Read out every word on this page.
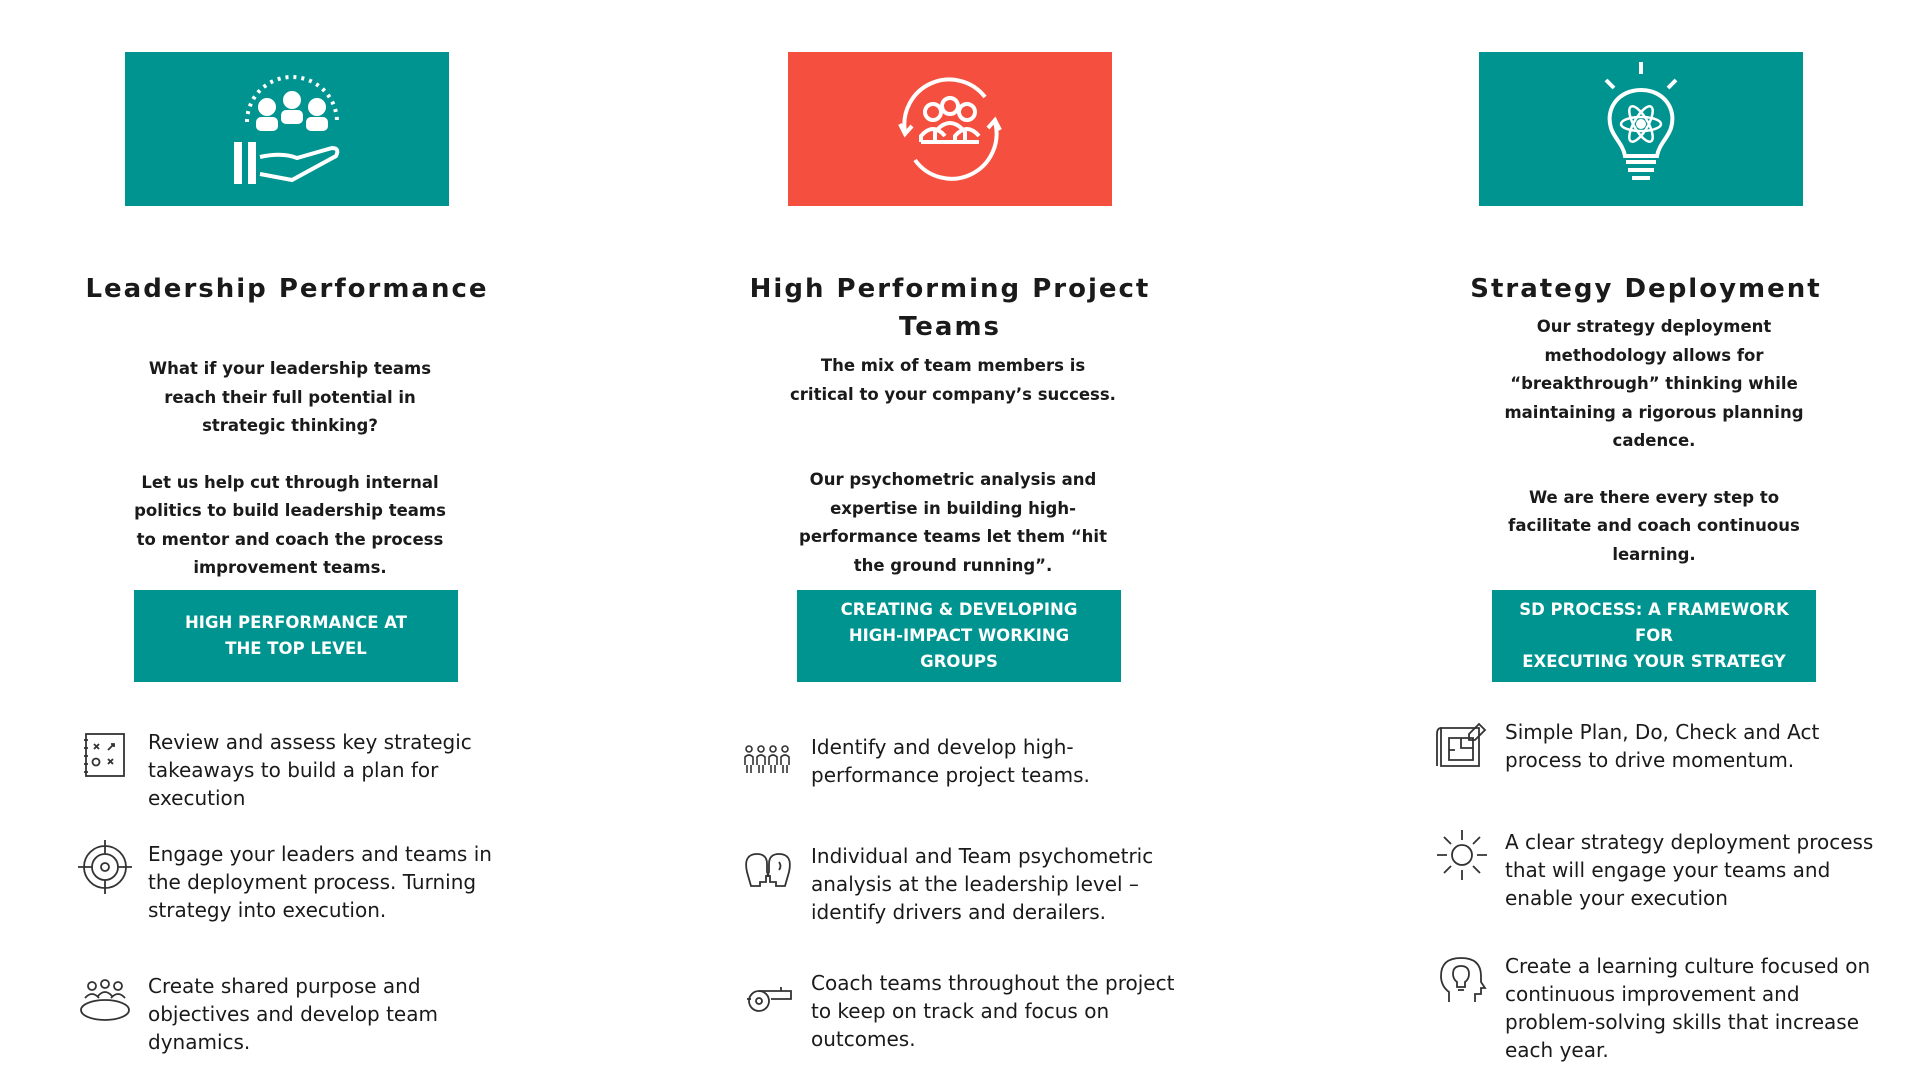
Leadership Performance

What if your leadership teams reach their full potential in strategic thinking?

Let us help cut through internal politics to build leadership teams to mentor and coach the process improvement teams.

HIGH PERFORMANCE AT
THE TOP LEVEL
Review and assess key strategic takeaways to build a plan for execution
Engage your leaders and teams in the deployment process. Turning strategy into execution.
Create shared purpose and objectives and develop team dynamics.
High Performing Project Teams

The mix of team members is critical to your company’s success.

Our psychometric analysis and expertise in building high-performance teams let them “hit the ground running”.

CREATING & DEVELOPING
HIGH-IMPACT WORKING
GROUPS
Identify and develop high-performance project teams.
Individual and Team psychometric analysis at the leadership level – identify drivers and derailers.
Coach teams throughout the project to keep on track and focus on outcomes.
Strategy Deployment

Our strategy deployment methodology allows for “breakthrough” thinking while maintaining a rigorous planning cadence.

We are there every step to facilitate and coach continuous learning.

SD PROCESS: A FRAMEWORK
FOR
EXECUTING YOUR STRATEGY
Simple Plan, Do, Check and Act process to drive momentum.
A clear strategy deployment process that will engage your teams and enable your execution
Create a learning culture focused on continuous improvement and problem-solving skills that increase each year.
